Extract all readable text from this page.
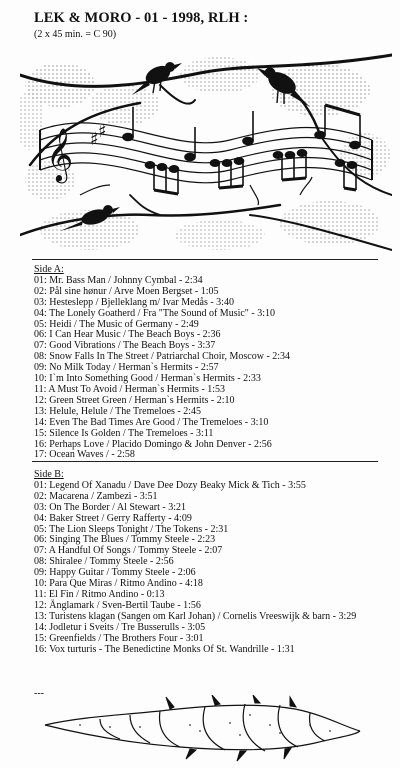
LEK & MORO - 01 - 1998, RLH :
(2 x 45 min. = C 90)
𝄞 ♯ ♯
Side A:
01: Mr. Bass Man / Johnny Cymbal - 2:34
02: Pål sine hønur / Arve Moen Bergset - 1:05
03: Hesteslepp / Bjelleklang m/ Ivar Medås - 3:40
04: The Lonely Goatherd / Fra "The Sound of Music" - 3:10
05: Heidi / The Music of Germany - 2:49
06: I Can Hear Music / The Beach Boys - 2:36
07: Good Vibrations / The Beach Boys - 3:37
08: Snow Falls In The Street / Patriarchal Choir, Moscow - 2:34
09: No Milk Today / Herman`s Hermits - 2:57
10: I`m Into Something Good / Herman`s Hermits - 2:33
11: A Must To Avoid / Herman`s Hermits - 1:53
12: Green Street Green / Herman`s Hermits - 2:10
13: Helule, Helule / The Tremeloes - 2:45
14: Even The Bad Times Are Good / The Tremeloes - 3:10
15: Silence Is Golden / The Tremeloes - 3:11
16: Perhaps Love / Placido Domingo & John Denver - 2:56
17: Ocean Waves / - 2:58
Side B:
01: Legend Of Xanadu / Dave Dee Dozy Beaky Mick & Tich - 3:55
02: Macarena / Zambezi - 3:51
03: On The Border / Al Stewart - 3:21
04: Baker Street / Gerry Rafferty - 4:09
05: The Lion Sleeps Tonight / The Tokens - 2:31
06: Singing The Blues / Tommy Steele - 2:23
07: A Handful Of Songs / Tommy Steele - 2:07
08: Shiralee / Tommy Steele - 2:56
09: Happy Guitar / Tommy Steele - 2:06
10: Para Que Miras / Ritmo Andino - 4:18
11: El Fin / Ritmo Andino - 0:13
12: Änglamark / Sven-Bertil Taube - 1:56
13: Turistens klagan (Sangen om Karl Johan) / Cornelis Vreeswijk & barn - 3:29
14: Jodletur i Sveits / Tre Busserulls - 3:05
15: Greenfields / The Brothers Four - 3:01
16: Vox turturis - The Benedictine Monks Of St. Wandrille - 1:31
---
